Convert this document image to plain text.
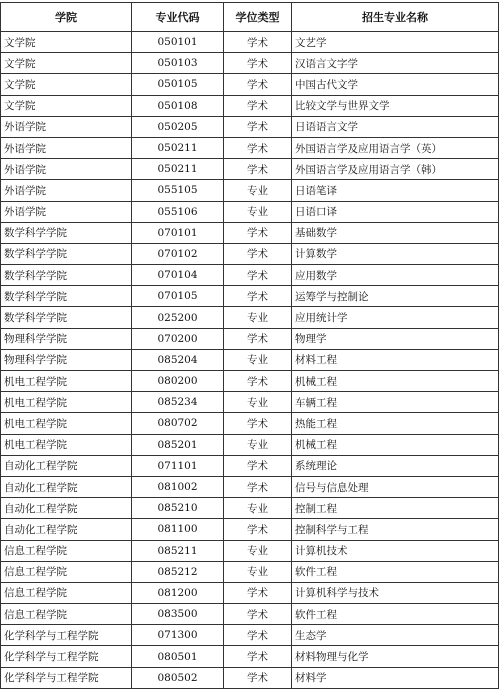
学院	专业代码	学位类型	招生专业名称
文学院	050101	学术	文艺学
文学院	050103	学术	汉语言文字学
文学院	050105	学术	中国古代文学
文学院	050108	学术	比较文学与世界文学
外语学院	050205	学术	日语语言文学
外语学院	050211	学术	外国语言学及应用语言学（英）
外语学院	050211	学术	外国语言学及应用语言学（韩）
外语学院	055105	专业	日语笔译
外语学院	055106	专业	日语口译
数学科学学院	070101	学术	基础数学
数学科学学院	070102	学术	计算数学
数学科学学院	070104	学术	应用数学
数学科学学院	070105	学术	运筹学与控制论
数学科学学院	025200	专业	应用统计学
物理科学学院	070200	学术	物理学
物理科学学院	085204	专业	材料工程
机电工程学院	080200	学术	机械工程
机电工程学院	085234	专业	车辆工程
机电工程学院	080702	学术	热能工程
机电工程学院	085201	专业	机械工程
自动化工程学院	071101	学术	系统理论
自动化工程学院	081002	学术	信号与信息处理
自动化工程学院	085210	专业	控制工程
自动化工程学院	081100	学术	控制科学与工程
信息工程学院	085211	专业	计算机技术
信息工程学院	085212	专业	软件工程
信息工程学院	081200	学术	计算机科学与技术
信息工程学院	083500	学术	软件工程
化学科学与工程学院	071300	学术	生态学
化学科学与工程学院	080501	学术	材料物理与化学
化学科学与工程学院	080502	学术	材料学
